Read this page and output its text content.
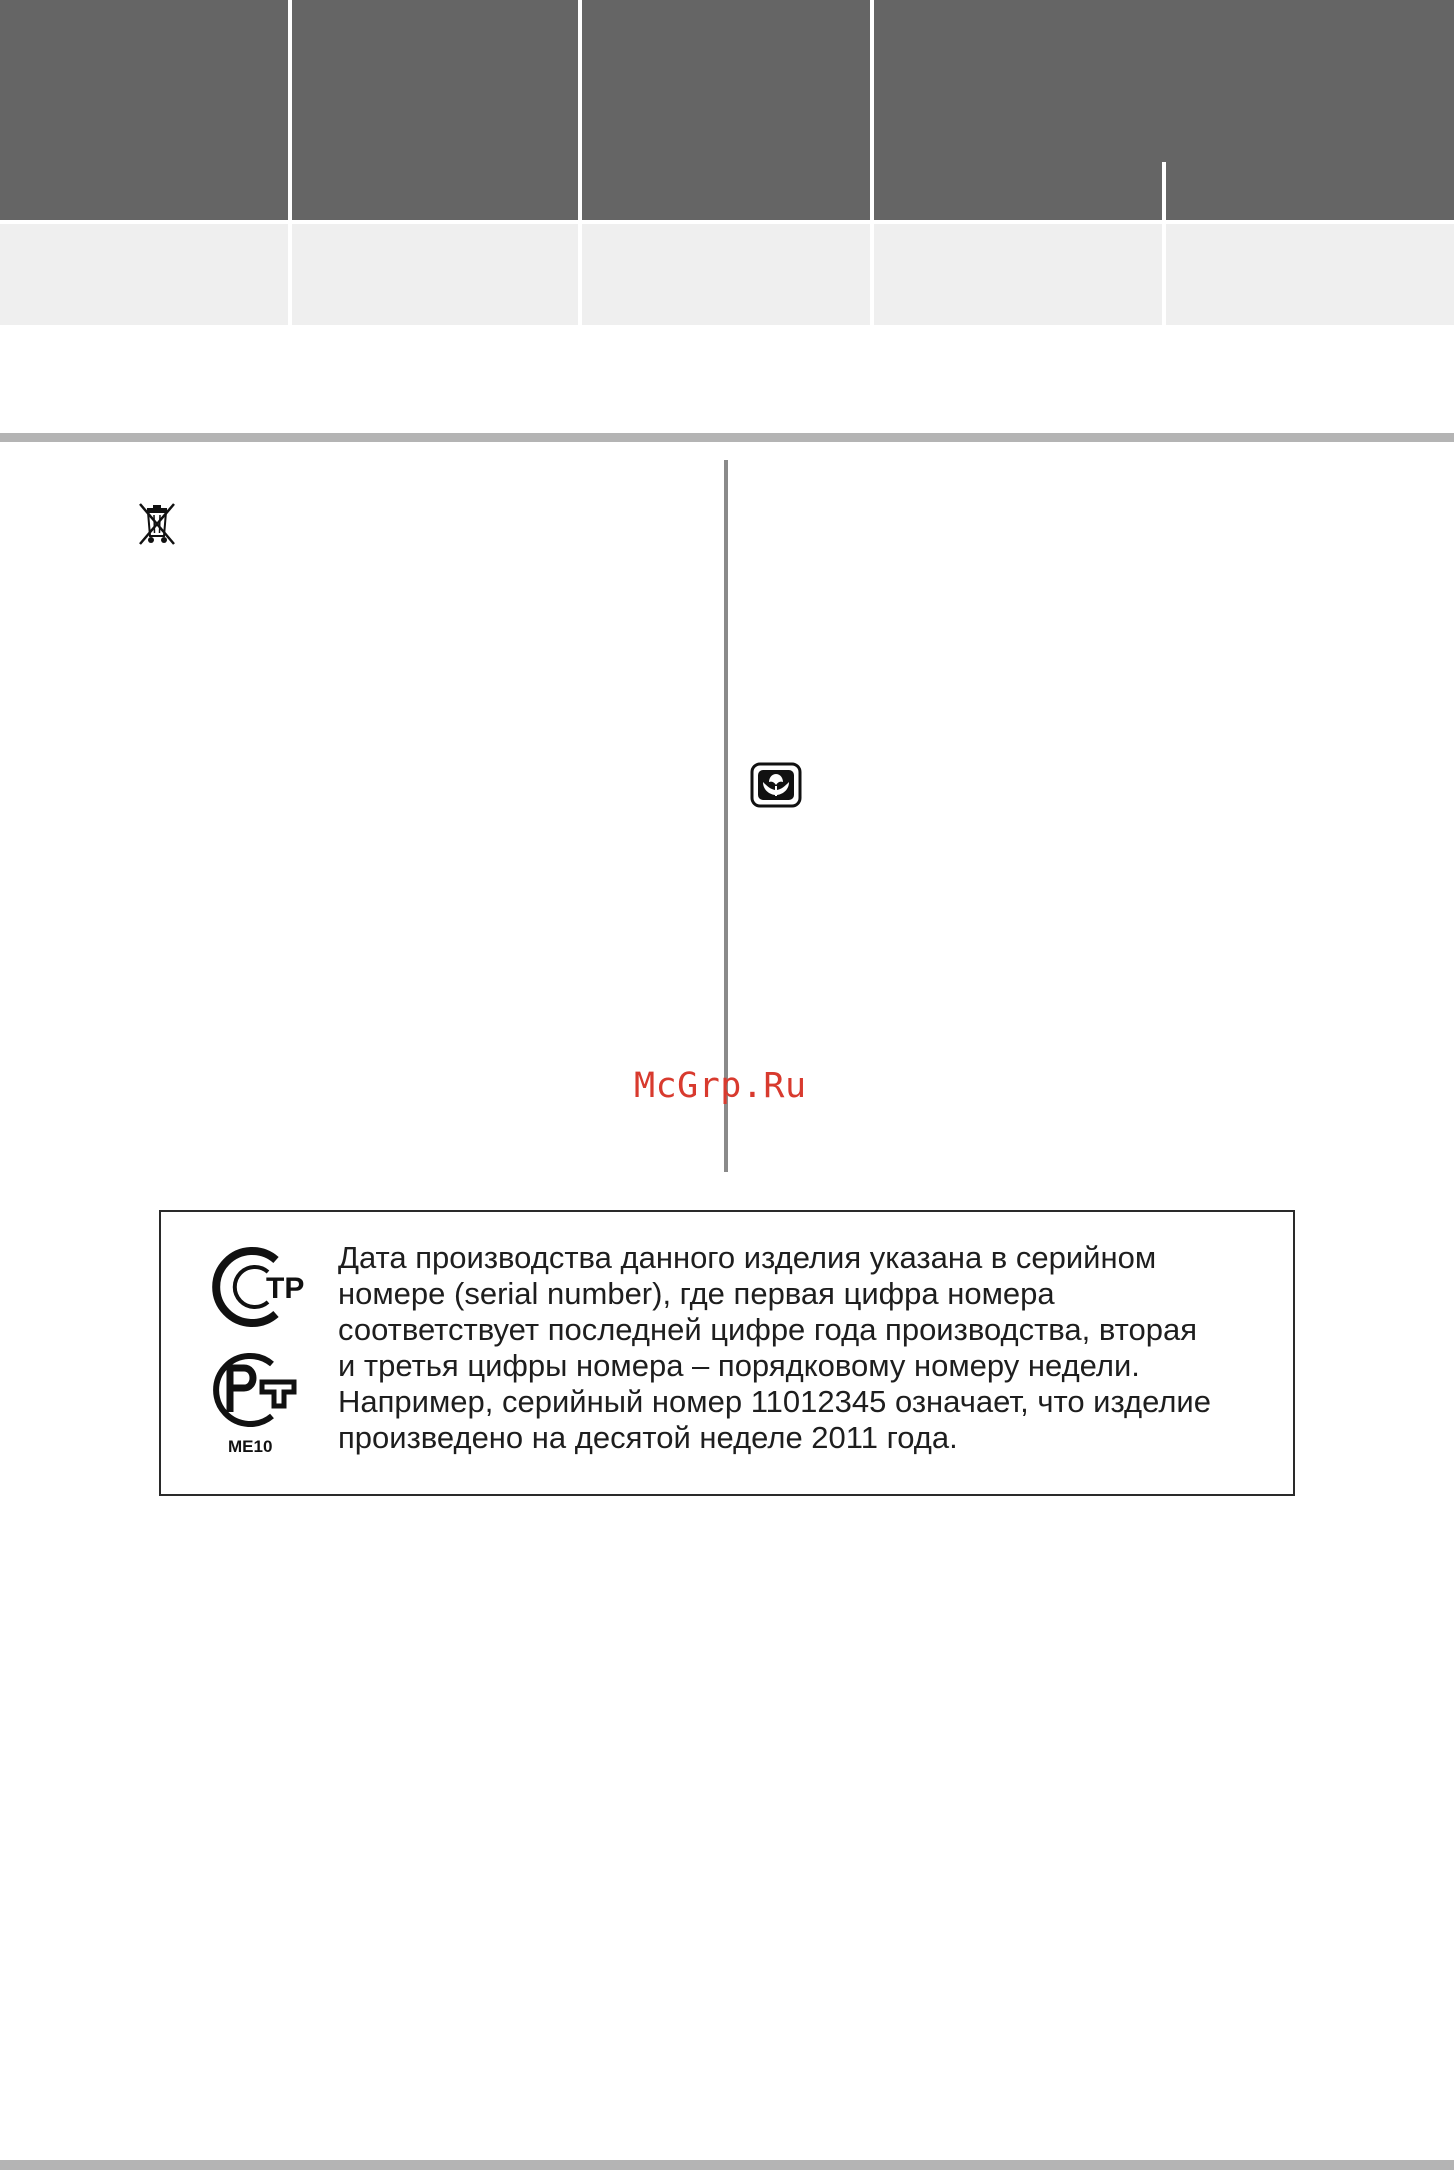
McGrp.Ru
ТР
ME10
Дата производства данного изделия указана в серийном
номере (serial number), где первая цифра номера
соответствует последней цифре года производства, вторая
и третья цифры номера – порядковому номеру недели.
Например, серийный номер 11012345 означает, что изделие
произведено на десятой неделе 2011 года.
